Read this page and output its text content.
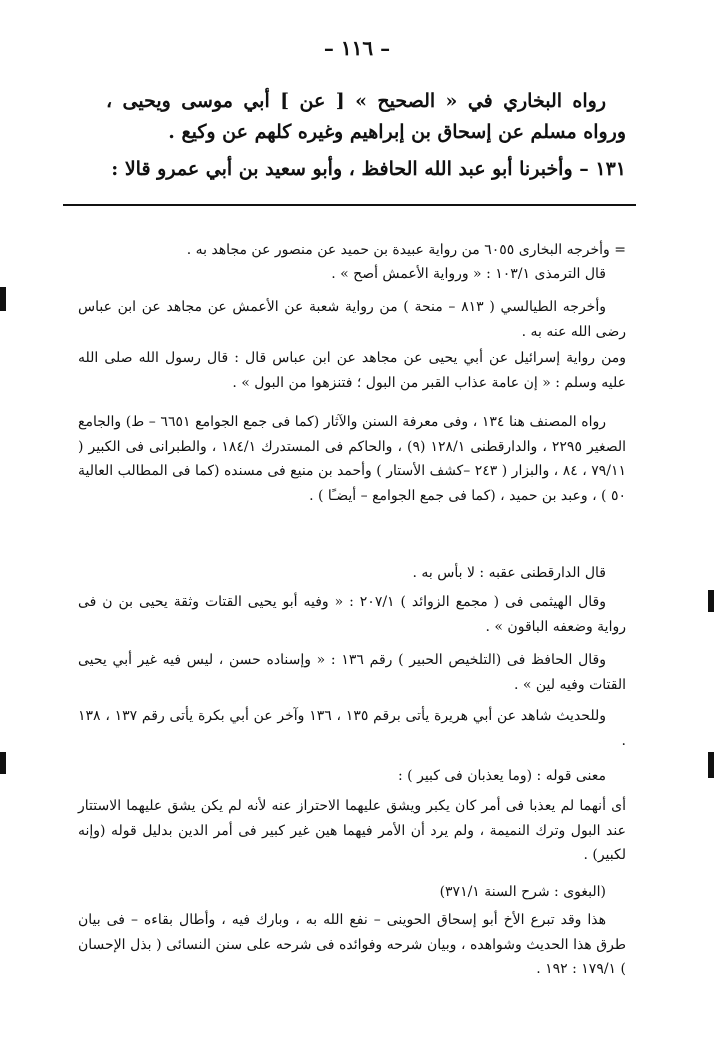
– ١١٦ –

رواه البخاري في « الصحيح » [ عن ] أبي موسى ويحيى ، ورواه مسلم عن إسحاق بن إبراهيم وغيره كلهم عن وكيع .

١٣١ – وأخبرنا أبو عبد الله الحافظ ، وأبو سعيد بن أبي عمرو قالا :

= وأخرجه البخارى ٦٠٥٥ من رواية عبيدة بن حميد عن منصور عن مجاهد به .

قال الترمذى ١٠٣/١ : « ورواية الأعمش أصح » .

وأخرجه الطيالسي ( ٨١٣ – منحة ) من رواية شعبة عن الأعمش عن مجاهد عن ابن عباس رضى الله عنه به .

ومن رواية إسرائيل عن أبي يحيى عن مجاهد عن ابن عباس قال : قال رسول الله صلى الله عليه وسلم : « إن عامة عذاب القبر من البول ؛ فتنزهوا من البول » .

رواه المصنف هنا ١٣٤ ، وفى معرفة السنن والآثار (كما فى جمع الجوامع ٦٦٥١ – ط) والجامع الصغير ٢٢٩٥ ، والدارقطنى ١٢٨/١ (٩) ، والحاكم فى المستدرك ١٨٤/١ ، والطبرانى فى الكبير ( ٧٩/١١ ، ٨٤ ، والبزار ( ٢٤٣ –كشف الأستار ) وأحمد بن منيع فى مسنده (كما فى المطالب العالية ٥٠ ) ، وعبد بن حميد ، (كما فى جمع الجوامع – أيضـًا ) .

قال الدارقطنى عقبه : لا بأس به .

وقال الهيثمى فى ( مجمع الزوائد ) ٢٠٧/١ : « وفيه أبو يحيى القتات وثقة يحيى بن ن فى رواية وضعفه الباقون » .

وقال الحافظ فى (التلخيص الحبير ) رقم ١٣٦ : « وإسناده حسن ، ليس فيه غير أبي يحيى القتات وفيه لين » .

وللحديث شاهد عن أبي هريرة يأتى برقم ١٣٥ ، ١٣٦ وآخر عن أبي بكرة يأتى رقم ١٣٧ ، ١٣٨ .

معنى قوله : (وما يعذبان فى كبير ) :

أى أنهما لم يعذبا فى أمر كان يكبر ويشق عليهما الاحتراز عنه لأنه لم يكن يشق عليهما الاستتار عند البول وترك النميمة ، ولم يرد أن الأمر فيهما هين غير كبير فى أمر الدين بدليل قوله (وإنه لكبير) .

(البغوى : شرح السنة ٣٧١/١)

هذا وقد تبرع الأخ أبو إسحاق الحوينى – نفع الله به ، وبارك فيه ، وأطال بقاءه – فى بيان طرق هذا الحديث وشواهده ، وبيان شرحه وفوائده فى شرحه على سنن النسائى ( بذل الإحسان ) ١٧٩/١ : ١٩٢ .
